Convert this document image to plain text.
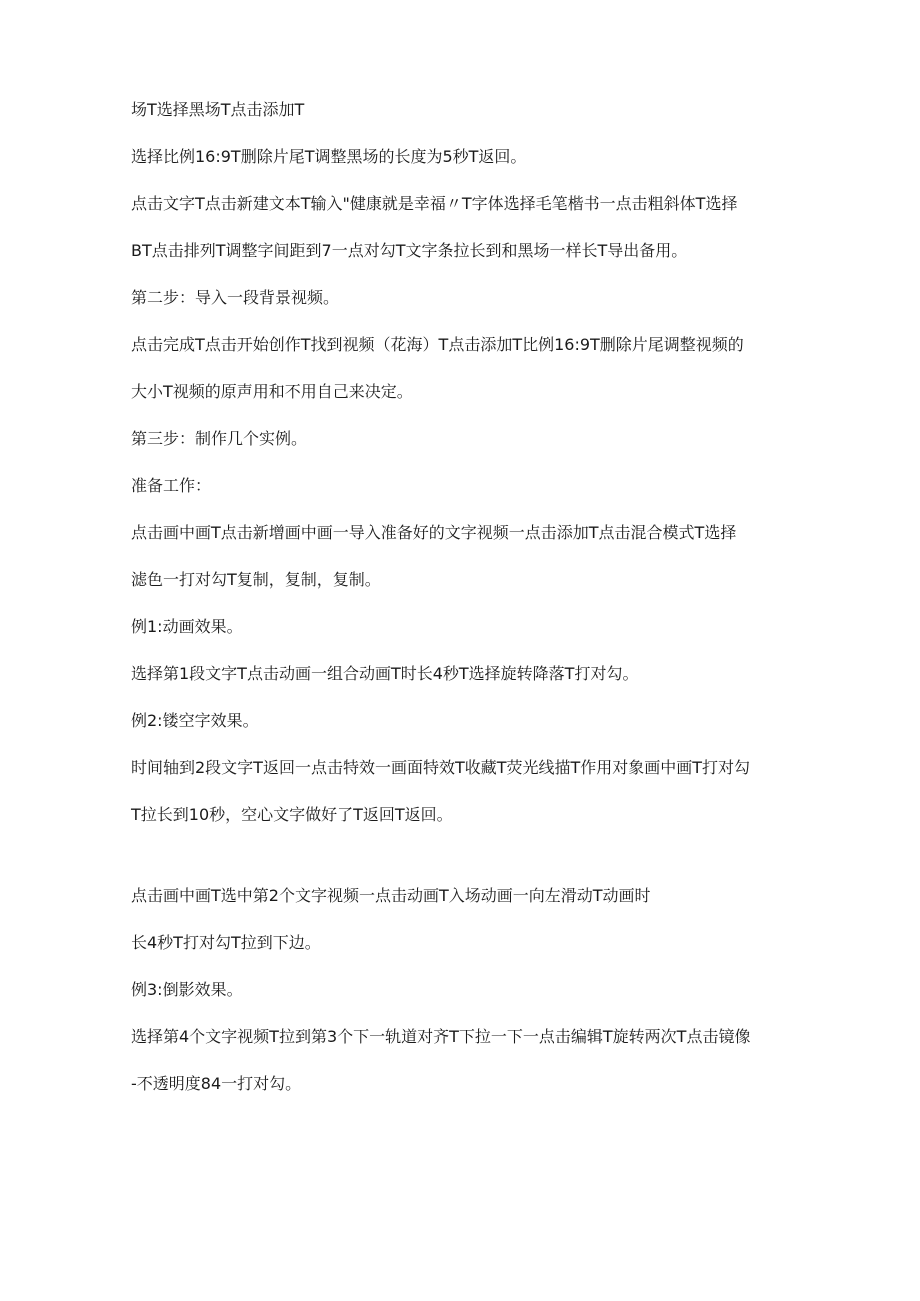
场T选择黑场T点击添加T

选择比例16:9T删除片尾T调整黑场的长度为5秒T返回。

点击文字T点击新建文本T输入"健康就是幸福〃T字体选择毛笔楷书一点击粗斜体T选择

BT点击排列T调整字间距到7一点对勾T文字条拉长到和黑场一样长T导出备用。

第二步：导入一段背景视频。

点击完成T点击开始创作T找到视频（花海）T点击添加T比例16:9T删除片尾调整视频的

大小T视频的原声用和不用自己来决定。

第三步：制作几个实例。

准备工作：

点击画中画T点击新增画中画一导入准备好的文字视频一点击添加T点击混合模式T选择

滤色一打对勾T复制，复制，复制。

例1:动画效果。

选择第1段文字T点击动画一组合动画T时长4秒T选择旋转降落T打对勾。

例2:镂空字效果。

时间轴到2段文字T返回一点击特效一画面特效T收藏T荧光线描T作用对象画中画T打对勾

T拉长到10秒，空心文字做好了T返回T返回。

点击画中画T选中第2个文字视频一点击动画T入场动画一向左滑动T动画时

长4秒T打对勾T拉到下边。

例3:倒影效果。

选择第4个文字视频T拉到第3个下一轨道对齐T下拉一下一点击编辑T旋转两次T点击镜像

-不透明度84一打对勾。
